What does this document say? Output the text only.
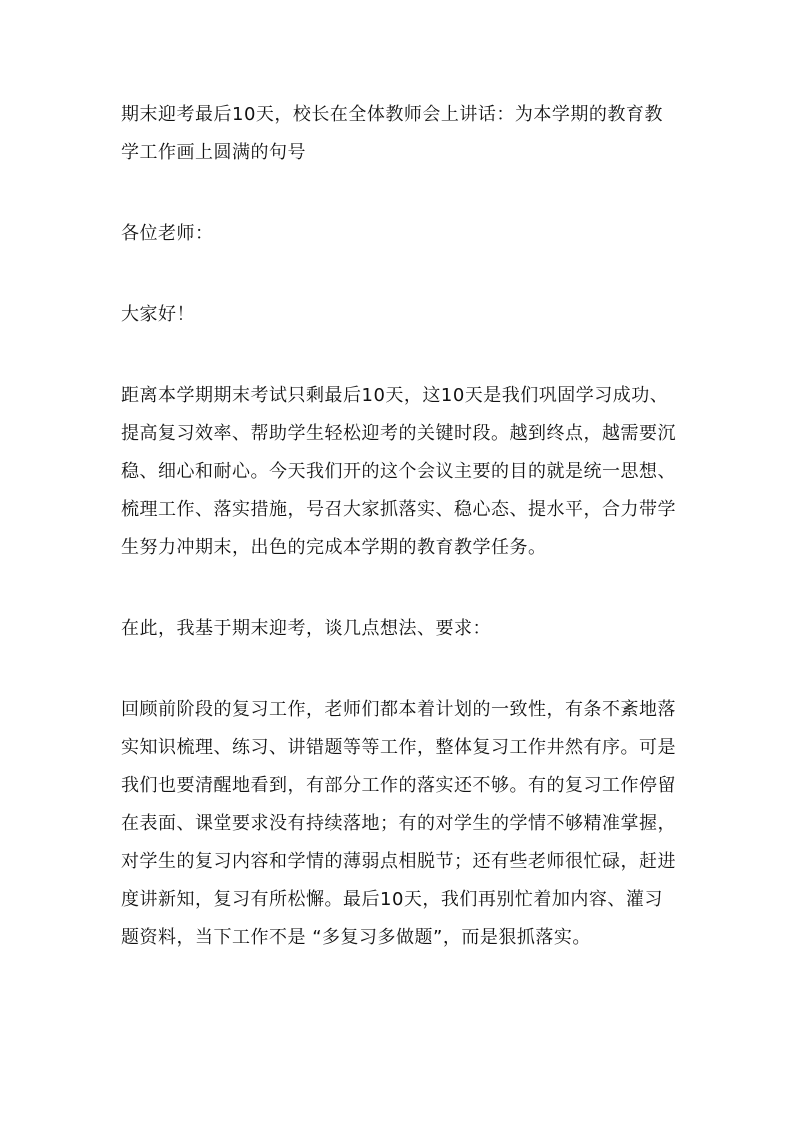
期末迎考最后10天，校长在全体教师会上讲话：为本学期的教育教学工作画上圆满的句号

各位老师：

大家好！

距离本学期期末考试只剩最后10天，这10天是我们巩固学习成功、提高复习效率、帮助学生轻松迎考的关键时段。越到终点，越需要沉稳、细心和耐心。今天我们开的这个会议主要的目的就是统一思想、梳理工作、落实措施，号召大家抓落实、稳心态、提水平，合力带学生努力冲期末，出色的完成本学期的教育教学任务。

在此，我基于期末迎考，谈几点想法、要求：

回顾前阶段的复习工作，老师们都本着计划的一致性，有条不紊地落实知识梳理、练习、讲错题等等工作，整体复习工作井然有序。可是我们也要清醒地看到，有部分工作的落实还不够。有的复习工作停留在表面、课堂要求没有持续落地；有的对学生的学情不够精准掌握，对学生的复习内容和学情的薄弱点相脱节；还有些老师很忙碌，赶进度讲新知，复习有所松懈。最后10天，我们再别忙着加内容、灌习题资料，当下工作不是 “多复习多做题”，而是狠抓落实。
